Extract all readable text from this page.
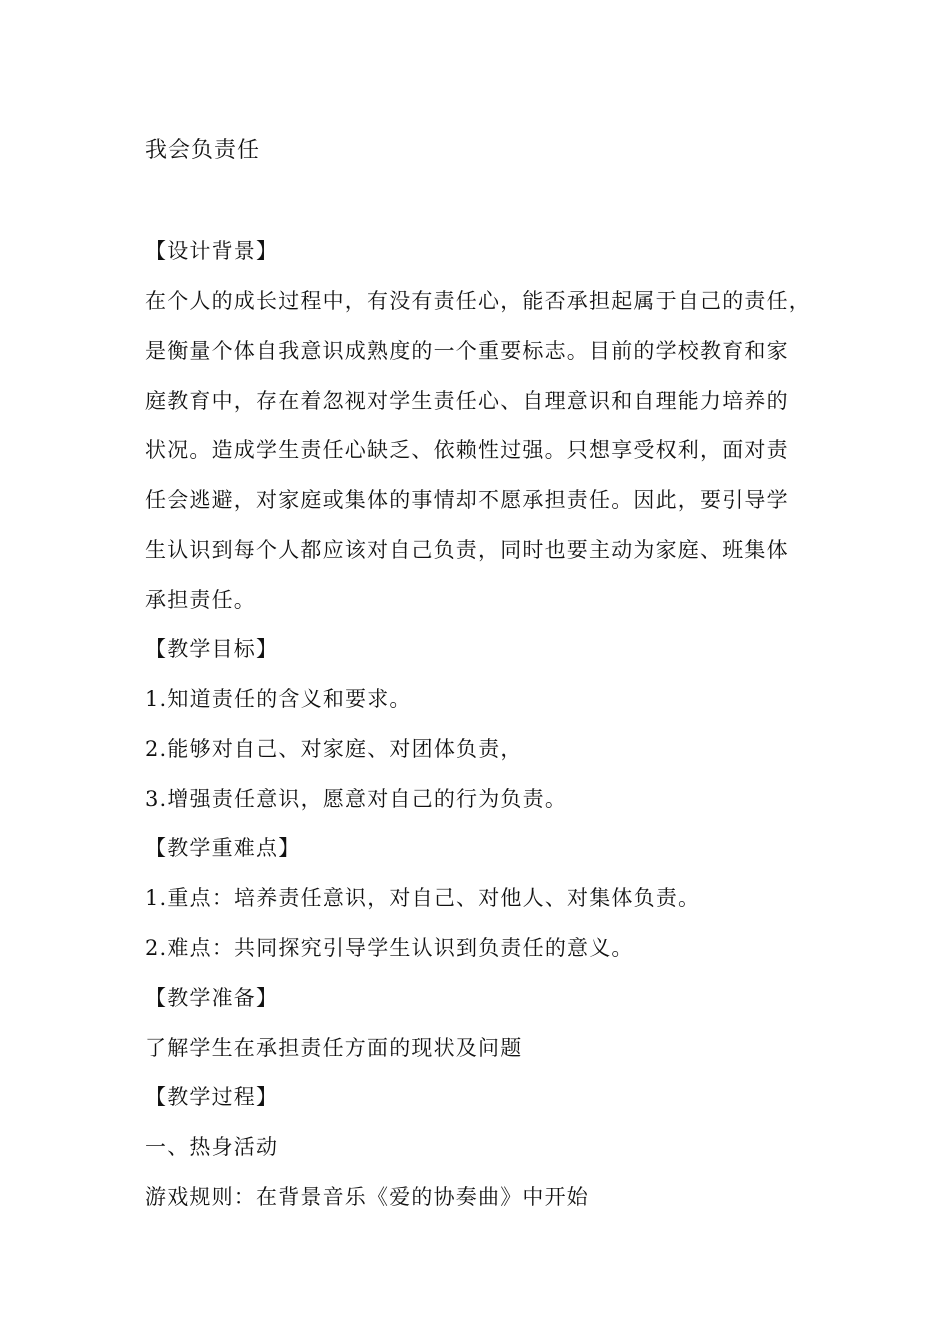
我会负责任
【设计背景】
在个人的成长过程中，有没有责任心，能否承担起属于自己的责任，
是衡量个体自我意识成熟度的一个重要标志。目前的学校教育和家
庭教育中，存在着忽视对学生责任心、自理意识和自理能力培养的
状况。造成学生责任心缺乏、依赖性过强。只想享受权利，面对责
任会逃避，对家庭或集体的事情却不愿承担责任。因此，要引导学
生认识到每个人都应该对自己负责，同时也要主动为家庭、班集体
承担责任。
【教学目标】
1.知道责任的含义和要求。
2.能够对自己、对家庭、对团体负责，
3.增强责任意识，愿意对自己的行为负责。
【教学重难点】
1.重点：培养责任意识，对自己、对他人、对集体负责。
2.难点：共同探究引导学生认识到负责任的意义。
【教学准备】
了解学生在承担责任方面的现状及问题
【教学过程】
一、热身活动
游戏规则：在背景音乐《爱的协奏曲》中开始
